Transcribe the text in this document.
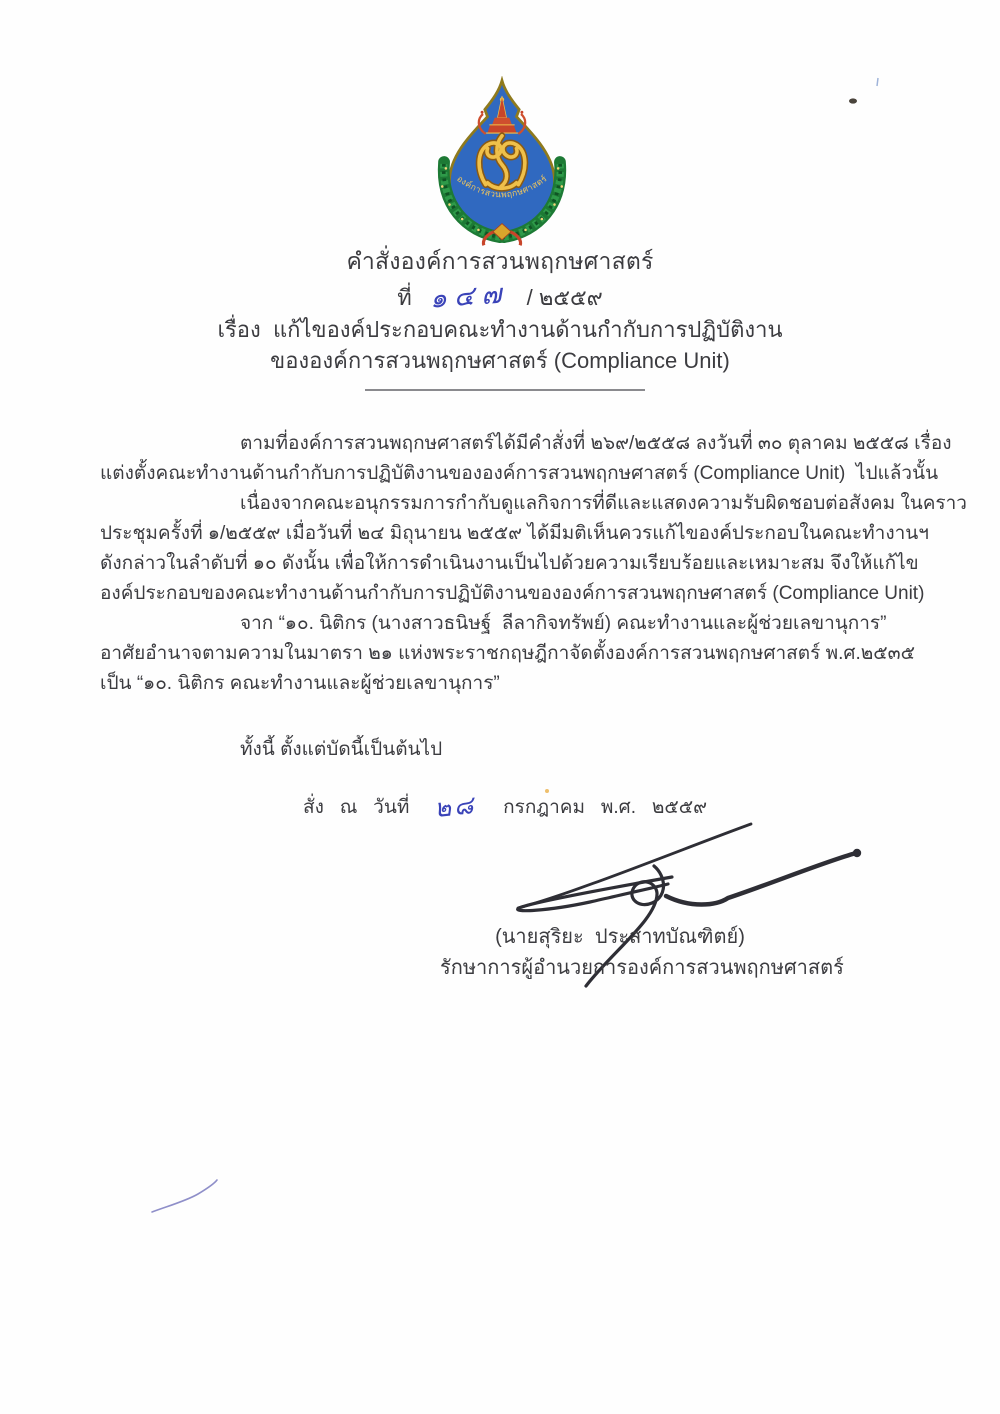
องค์การสวนพฤกษศาสตร์
คำสั่งองค์การสวนพฤกษศาสตร์
ที่ ๑๔๗ / ๒๕๕๙
เรื่อง  แก้ไของค์ประกอบคณะทำงานด้านกำกับการปฏิบัติงาน
ขององค์การสวนพฤกษศาสตร์ (Compliance Unit)
ตามที่องค์การสวนพฤกษศาสตร์ได้มีคำสั่งที่ ๒๖๙/๒๕๕๘ ลงวันที่ ๓๐ ตุลาคม ๒๕๕๘ เรื่อง
แต่งตั้งคณะทำงานด้านกำกับการปฏิบัติงานขององค์การสวนพฤกษศาสตร์ (Compliance Unit)  ไปแล้วนั้น
เนื่องจากคณะอนุกรรมการกำกับดูแลกิจการที่ดีและแสดงความรับผิดชอบต่อสังคม ในคราว
ประชุมครั้งที่ ๑/๒๕๕๙ เมื่อวันที่ ๒๔ มิถุนายน ๒๕๕๙ ได้มีมติเห็นควรแก้ไของค์ประกอบในคณะทำงานฯ
ดังกล่าวในลำดับที่ ๑๐ ดังนั้น เพื่อให้การดำเนินงานเป็นไปด้วยความเรียบร้อยและเหมาะสม จึงให้แก้ไข
องค์ประกอบของคณะทำงานด้านกำกับการปฏิบัติงานขององค์การสวนพฤกษศาสตร์ (Compliance Unit)
จาก “๑๐. นิติกร (นางสาวธนิษฐ์  ลีลากิจทรัพย์) คณะทำงานและผู้ช่วยเลขานุการ”
อาศัยอำนาจตามความในมาตรา ๒๑ แห่งพระราชกฤษฎีกาจัดตั้งองค์การสวนพฤกษศาสตร์ พ.ศ.๒๕๓๕
เป็น “๑๐. นิติกร คณะทำงานและผู้ช่วยเลขานุการ”
ทั้งนี้ ตั้งแต่บัดนี้เป็นต้นไป
สั่ง   ณ   วันที่ ๒๘ กรกฎาคม   พ.ศ.   ๒๕๕๙
(นายสุริยะ  ประสาทบัณฑิตย์)
รักษาการผู้อำนวยการองค์การสวนพฤกษศาสตร์
